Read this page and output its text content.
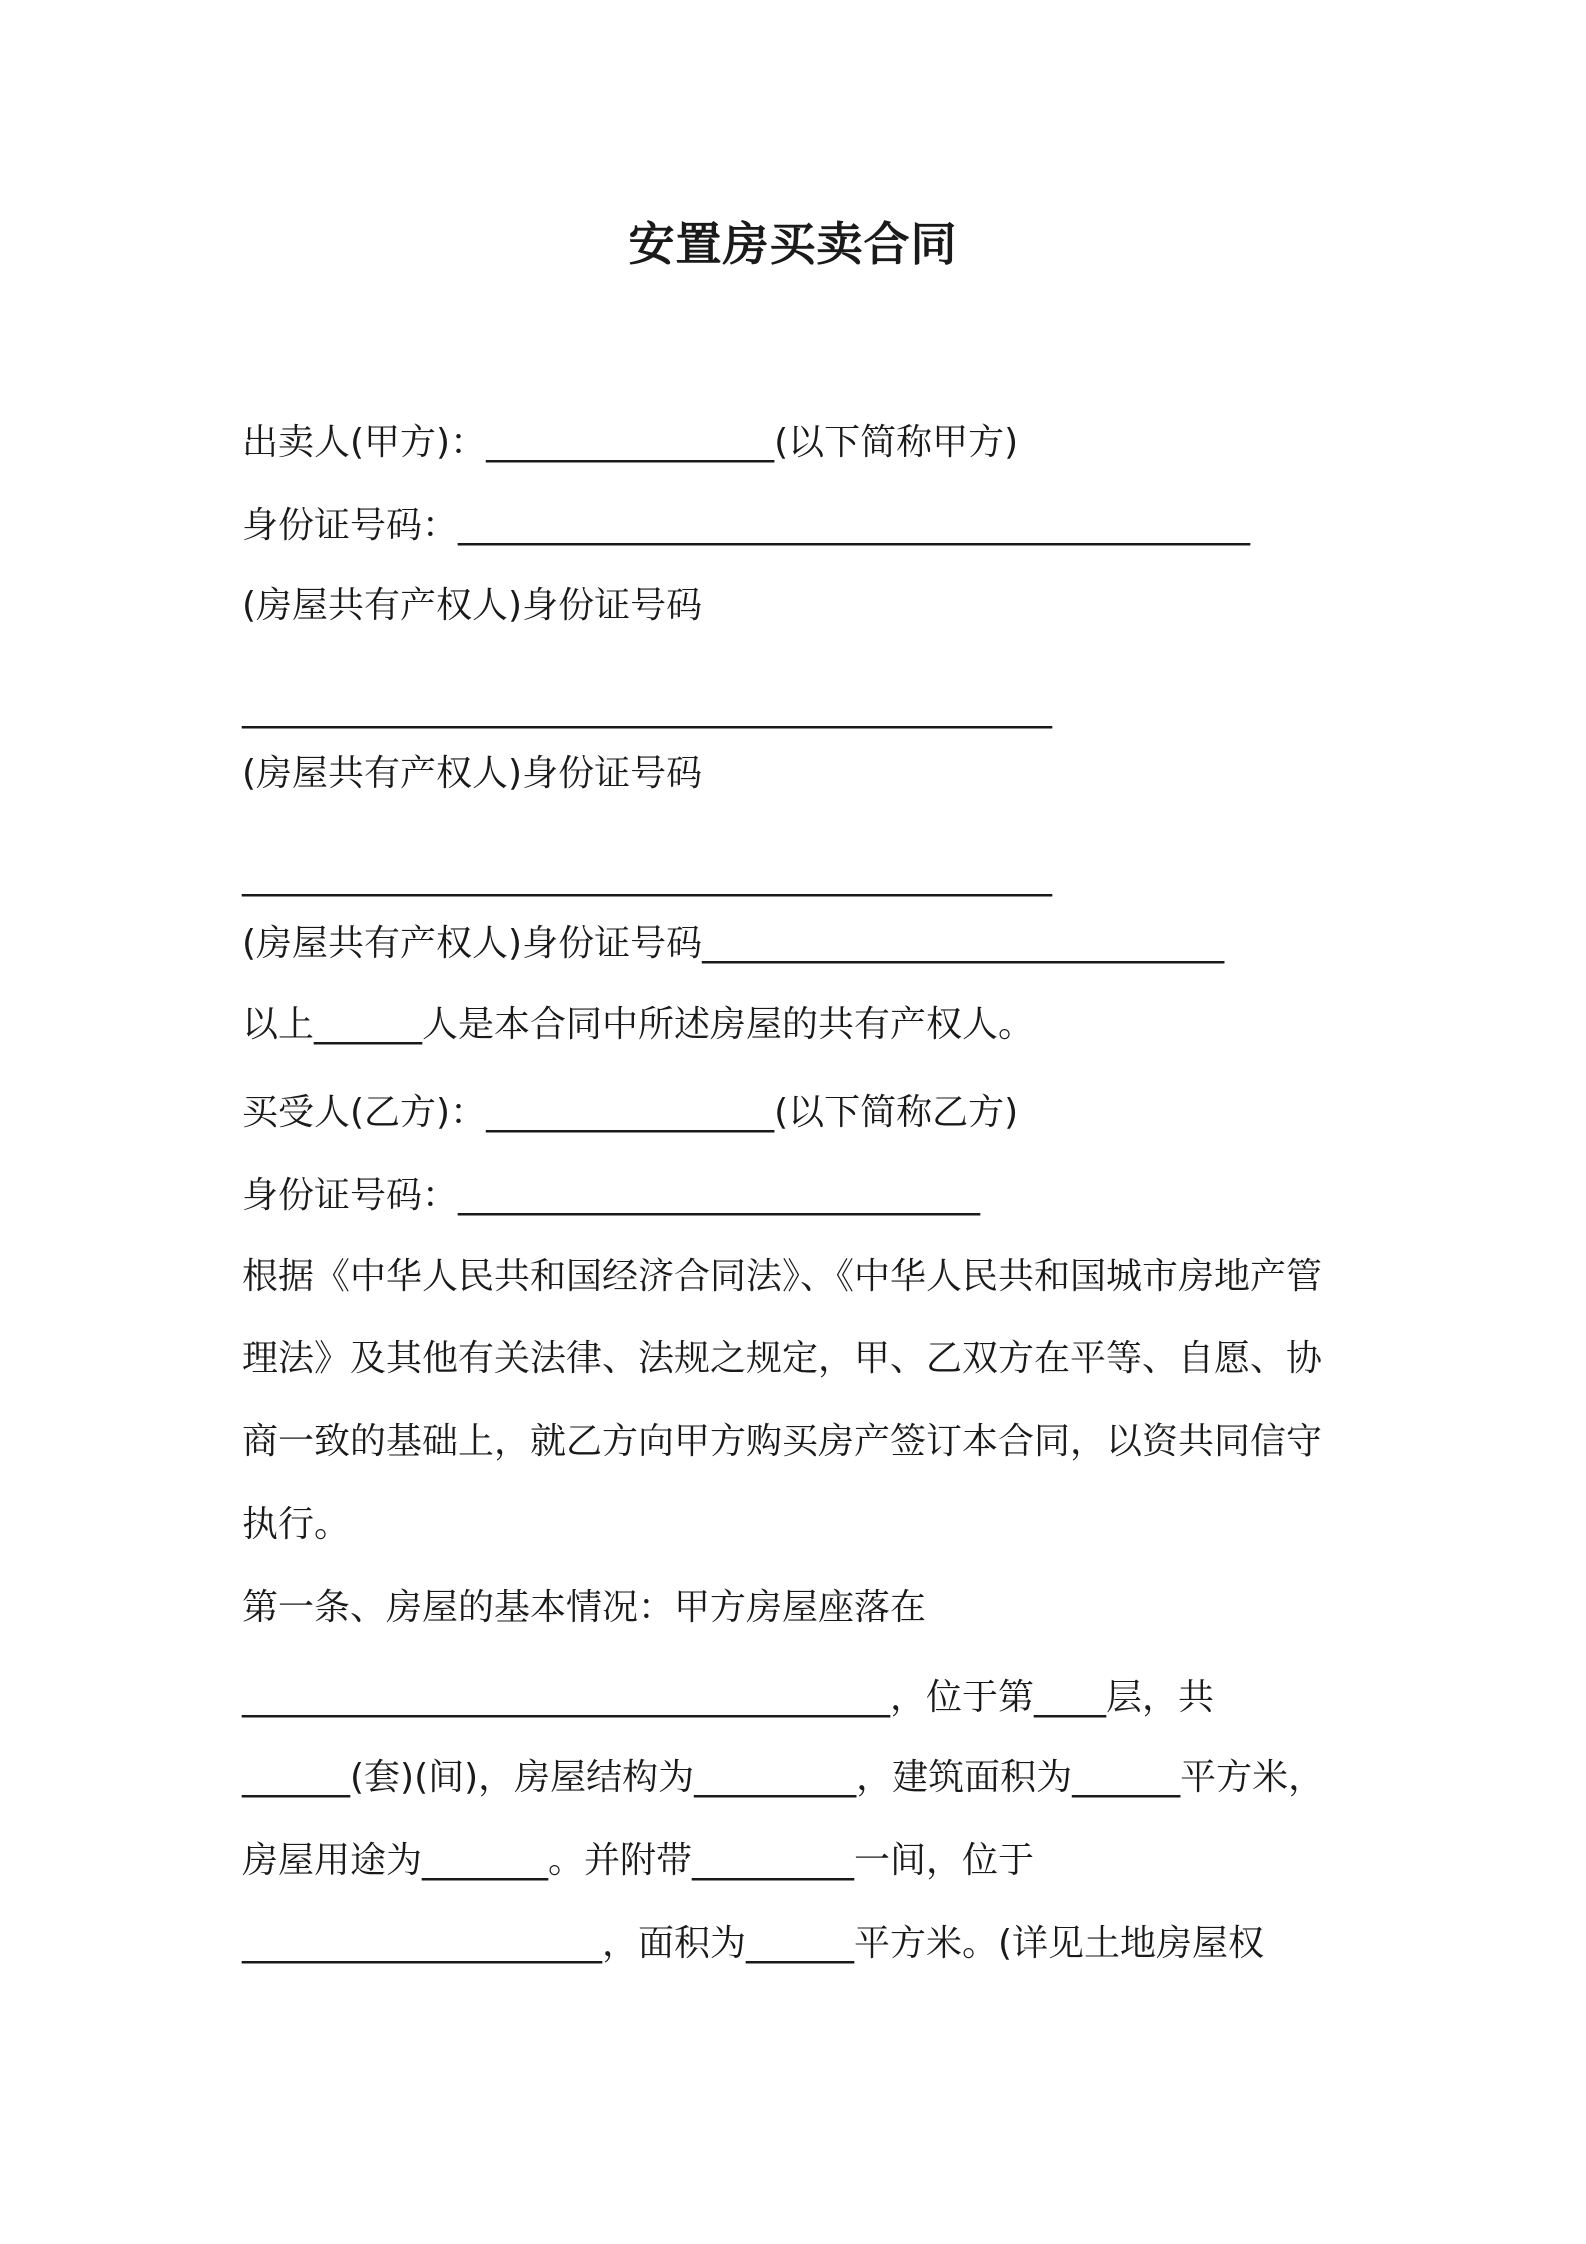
安置房买卖合同
出卖人(甲方)：________________(以下简称甲方)
身份证号码：____________________________________________
(房屋共有产权人)身份证号码
_____________________________________________
(房屋共有产权人)身份证号码
_____________________________________________
(房屋共有产权人)身份证号码_____________________________
以上______人是本合同中所述房屋的共有产权人。
买受人(乙方)：________________(以下简称乙方)
身份证号码：_____________________________
根据《中华人民共和国经济合同法》、《中华人民共和国城市房地产管
理法》及其他有关法律、法规之规定，甲、乙双方在平等、自愿、协
商一致的基础上，就乙方向甲方购买房产签订本合同，以资共同信守
执行。
第一条、房屋的基本情况：甲方房屋座落在
____________________________________，位于第____层，共
______(套)(间)，房屋结构为_________，建筑面积为______平方米，
房屋用途为_______。并附带_________一间，位于
____________________，面积为______平方米。(详见土地房屋权
